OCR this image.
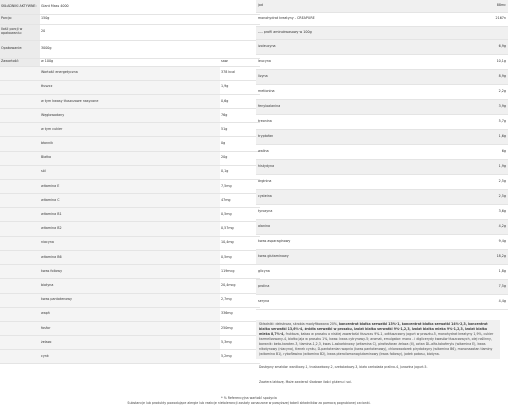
SKŁADNIKI AKTYWNE:	Giant Mass 4000	
Porcja:	150g	
Ilość porcji w opakowaniu:	20	
Opakowanie:	3000g	
Zawartość:	w 100g	saw:
	Wartość energetyczna	378 kcal
	tłuszcz	1,9g
	w tym kwasy tłuszczowe nasycone	0,6g
	Węglowodany	76g
	w tym cukier	51g
	błonnik	0g
	Białka	20g
	sól	0,1g
	witamina E	7,5mg
	witamina C	47mg
	witamina B1	0,5mg
	witamina B2	0,57mg
	niacyna	10,4mg
	witamina B6	0,5mg
	kwas foliowy	119mcg
	biotyna	20,4mcg
	kwas pantotenowy	2,7mg
	wapń	336mg
	fosfor	250mg
	żelazo	5,3mg
	cynk	5,2mg
jod	88mc
monohydrat kreatyny - CREAPURE	2167n
---- profil aminokwasowy w 100g	
izoleucyna	6,9g
leucyna	10,1g
lizyna	8,9g
metionina	2,2g
fenyloalanina	3,9g
treonina	5,7g
tryptofan	1,6g
walina	6g
histydyna	1,9g
arginina	2,5g
cysteina	2,5g
tyrozyna	3,6g
alanina	4,2g
kwas asparaginowy	9,4g
kwas glutaminowy	18,2g
glicyna	1,8g
prolina	7,5g
seryna	4,4g
Składniki: dekstroza, skrobia modyfikowana 20%, koncentrat białka serwatki 13%-1, koncentrat białka serwatki 14%-2,3, koncentrat białka serwatki 13,6%-4, źródła serwatki w proszku, izolat białka serwatki 9%-1,2,3, izolat białka mleka 9%-1,2,3, izolat białka mleka 8,7%-4, fruktoza, kakao w proszku o niskiej zawartości tłuszczu 9%-1, odtłuszczony jogurt w proszku-5, monohydrat kreatyny 1,9%, cukier karmelizowany-4, białko jaja w proszku 1%, kwas: kwas cytrynowy-5; aromat, emulgator: mono - i diglicerydy kwasów tłuszczowych, olej roślinny, barwnik: beta-karoten-3, tiamina-1,2,3, kwas L-askorbinowy (witamina C), pirofosforan żelaza (II), octan DL-alfa-tokoferylu (witamina E), kwas nikotynowy (niacyna), tlenek cynku, D-pantotenian wapnia (kwas pantotenowy), chlorowodorek pirydoksyny (witamina B6), mononazotan tiaminy (witamina B1), ryboflawina (witamina B2), kwas pteroilomonoglutaminowy (kwas foliowy), jodek potasu, biotyna.
Dostępny smaków: waniliowy-1, truskawkowy-2, czekoladowy-3, biała czekolada pralina-4, Jurawina jogurt-5.
Zawiera laktozę. Może zawierać śladowe ilości glutenu i soi.
* % Referencyjna wartość spożycia
Substancje lub produkty powodujące alergie lub reakcje nietolerancji zostały oznaczone w powyższej tabeli składników za pomocą pogrubionej czcionki.
